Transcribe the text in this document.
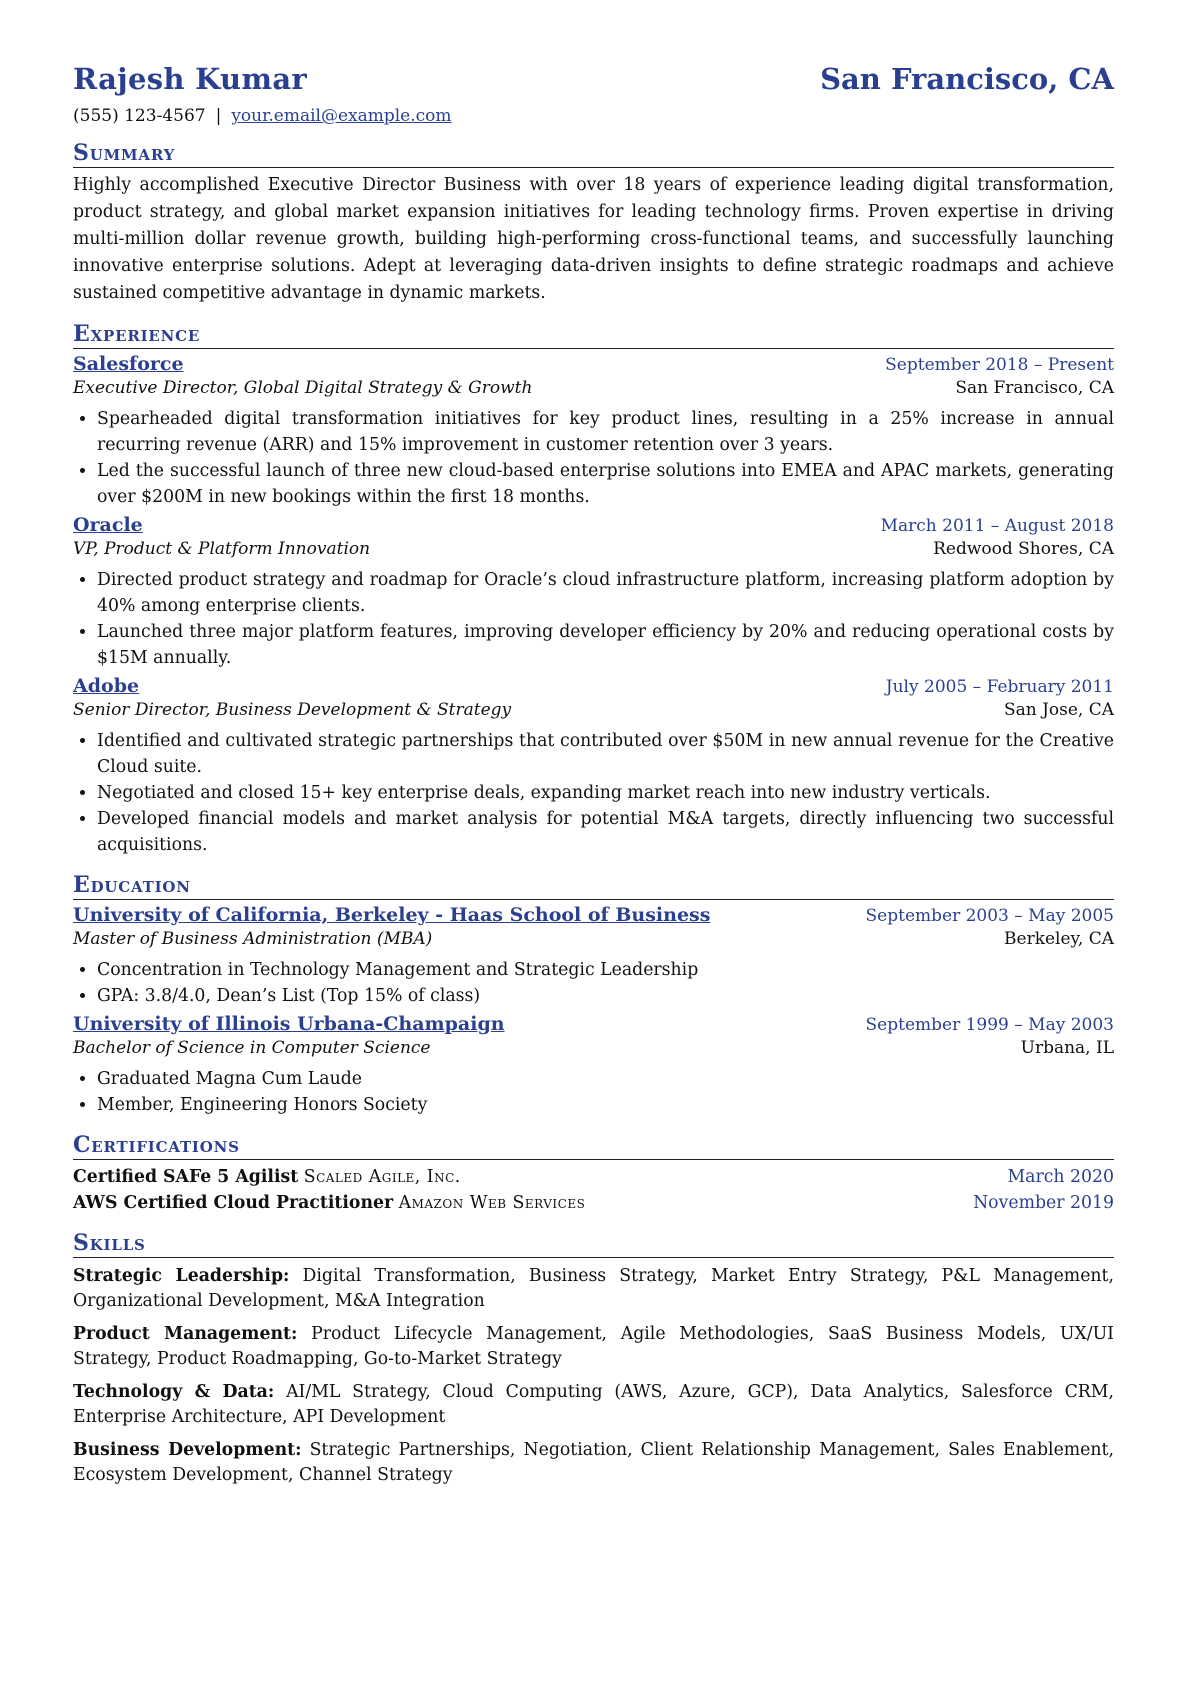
Rajesh Kumar	San Francisco, CA
(555) 123-4567 | your.email@example.com
Summary
Highly accomplished Executive Director Business with over 18 years of experience leading digital transformation, product strategy, and global market expansion initiatives for leading technology firms. Proven expertise in driving multi-million dollar revenue growth, building high-performing cross-functional teams, and successfully launching innovative enterprise solutions. Adept at leveraging data-driven insights to define strategic roadmaps and achieve sustained competitive advantage in dynamic markets.
Experience
Salesforce	September 2018 – Present
Executive Director, Global Digital Strategy & Growth	San Francisco, CA
• Spearheaded digital transformation initiatives for key product lines, resulting in a 25% increase in annual recurring revenue (ARR) and 15% improvement in customer retention over 3 years.
• Led the successful launch of three new cloud-based enterprise solutions into EMEA and APAC markets, generating over $200M in new bookings within the first 18 months.
Oracle	March 2011 – August 2018
VP, Product & Platform Innovation	Redwood Shores, CA
• Directed product strategy and roadmap for Oracle’s cloud infrastructure platform, increasing platform adoption by 40% among enterprise clients.
• Launched three major platform features, improving developer efficiency by 20% and reducing operational costs by $15M annually.
Adobe	July 2005 – February 2011
Senior Director, Business Development & Strategy	San Jose, CA
• Identified and cultivated strategic partnerships that contributed over $50M in new annual revenue for the Creative Cloud suite.
• Negotiated and closed 15+ key enterprise deals, expanding market reach into new industry verticals.
• Developed financial models and market analysis for potential M&A targets, directly influencing two successful acquisitions.
Education
University of California, Berkeley - Haas School of Business	September 2003 – May 2005
Master of Business Administration (MBA)	Berkeley, CA
• Concentration in Technology Management and Strategic Leadership
• GPA: 3.8/4.0, Dean’s List (Top 15% of class)
University of Illinois Urbana-Champaign	September 1999 – May 2003
Bachelor of Science in Computer Science	Urbana, IL
• Graduated Magna Cum Laude
• Member, Engineering Honors Society
Certifications
Certified SAFe 5 Agilist Scaled Agile, Inc.	March 2020
AWS Certified Cloud Practitioner Amazon Web Services	November 2019
Skills
Strategic Leadership: Digital Transformation, Business Strategy, Market Entry Strategy, P&L Management, Organizational Development, M&A Integration
Product Management: Product Lifecycle Management, Agile Methodologies, SaaS Business Models, UX/UI Strategy, Product Roadmapping, Go-to-Market Strategy
Technology & Data: AI/ML Strategy, Cloud Computing (AWS, Azure, GCP), Data Analytics, Salesforce CRM, Enterprise Architecture, API Development
Business Development: Strategic Partnerships, Negotiation, Client Relationship Management, Sales Enablement, Ecosystem Development, Channel Strategy
